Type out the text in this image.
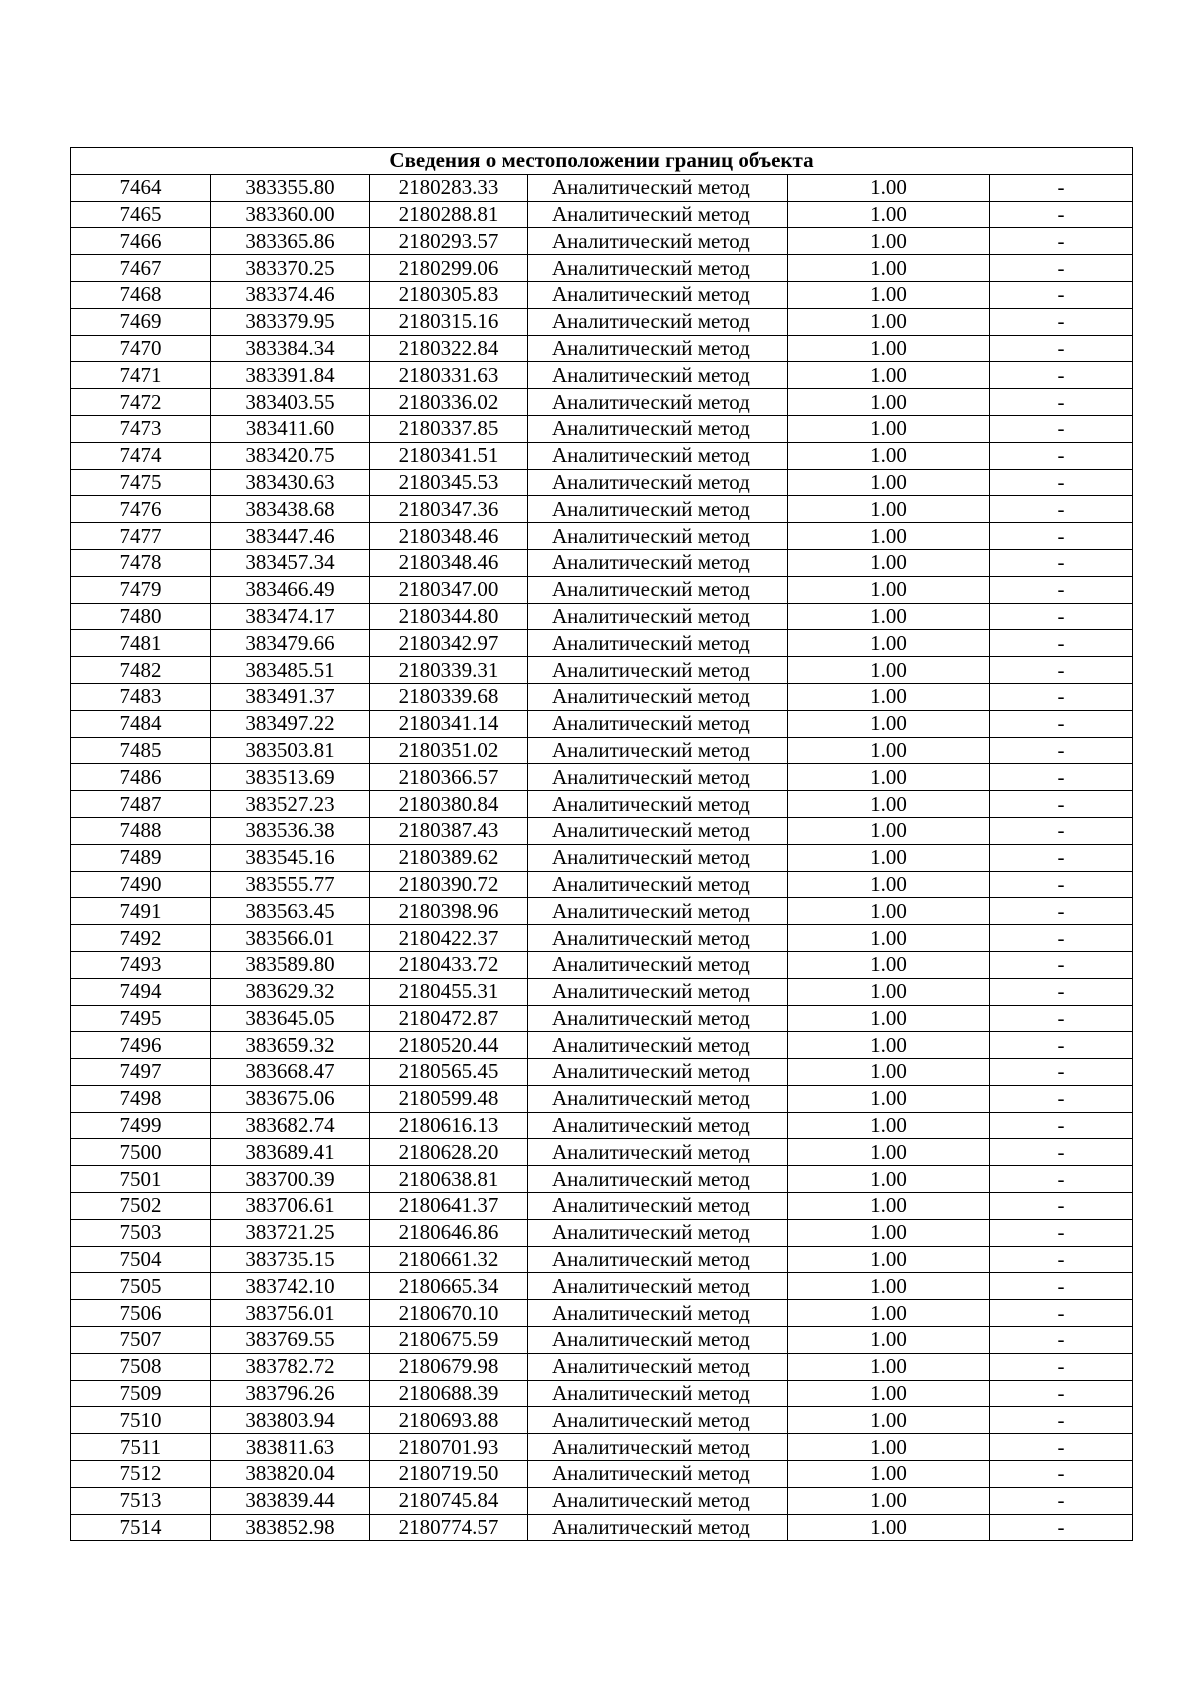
Сведения о местоположении границ объекта					
7464	383355.80	2180283.33	Аналитический метод	1.00	-
7465	383360.00	2180288.81	Аналитический метод	1.00	-
7466	383365.86	2180293.57	Аналитический метод	1.00	-
7467	383370.25	2180299.06	Аналитический метод	1.00	-
7468	383374.46	2180305.83	Аналитический метод	1.00	-
7469	383379.95	2180315.16	Аналитический метод	1.00	-
7470	383384.34	2180322.84	Аналитический метод	1.00	-
7471	383391.84	2180331.63	Аналитический метод	1.00	-
7472	383403.55	2180336.02	Аналитический метод	1.00	-
7473	383411.60	2180337.85	Аналитический метод	1.00	-
7474	383420.75	2180341.51	Аналитический метод	1.00	-
7475	383430.63	2180345.53	Аналитический метод	1.00	-
7476	383438.68	2180347.36	Аналитический метод	1.00	-
7477	383447.46	2180348.46	Аналитический метод	1.00	-
7478	383457.34	2180348.46	Аналитический метод	1.00	-
7479	383466.49	2180347.00	Аналитический метод	1.00	-
7480	383474.17	2180344.80	Аналитический метод	1.00	-
7481	383479.66	2180342.97	Аналитический метод	1.00	-
7482	383485.51	2180339.31	Аналитический метод	1.00	-
7483	383491.37	2180339.68	Аналитический метод	1.00	-
7484	383497.22	2180341.14	Аналитический метод	1.00	-
7485	383503.81	2180351.02	Аналитический метод	1.00	-
7486	383513.69	2180366.57	Аналитический метод	1.00	-
7487	383527.23	2180380.84	Аналитический метод	1.00	-
7488	383536.38	2180387.43	Аналитический метод	1.00	-
7489	383545.16	2180389.62	Аналитический метод	1.00	-
7490	383555.77	2180390.72	Аналитический метод	1.00	-
7491	383563.45	2180398.96	Аналитический метод	1.00	-
7492	383566.01	2180422.37	Аналитический метод	1.00	-
7493	383589.80	2180433.72	Аналитический метод	1.00	-
7494	383629.32	2180455.31	Аналитический метод	1.00	-
7495	383645.05	2180472.87	Аналитический метод	1.00	-
7496	383659.32	2180520.44	Аналитический метод	1.00	-
7497	383668.47	2180565.45	Аналитический метод	1.00	-
7498	383675.06	2180599.48	Аналитический метод	1.00	-
7499	383682.74	2180616.13	Аналитический метод	1.00	-
7500	383689.41	2180628.20	Аналитический метод	1.00	-
7501	383700.39	2180638.81	Аналитический метод	1.00	-
7502	383706.61	2180641.37	Аналитический метод	1.00	-
7503	383721.25	2180646.86	Аналитический метод	1.00	-
7504	383735.15	2180661.32	Аналитический метод	1.00	-
7505	383742.10	2180665.34	Аналитический метод	1.00	-
7506	383756.01	2180670.10	Аналитический метод	1.00	-
7507	383769.55	2180675.59	Аналитический метод	1.00	-
7508	383782.72	2180679.98	Аналитический метод	1.00	-
7509	383796.26	2180688.39	Аналитический метод	1.00	-
7510	383803.94	2180693.88	Аналитический метод	1.00	-
7511	383811.63	2180701.93	Аналитический метод	1.00	-
7512	383820.04	2180719.50	Аналитический метод	1.00	-
7513	383839.44	2180745.84	Аналитический метод	1.00	-
7514	383852.98	2180774.57	Аналитический метод	1.00	-
